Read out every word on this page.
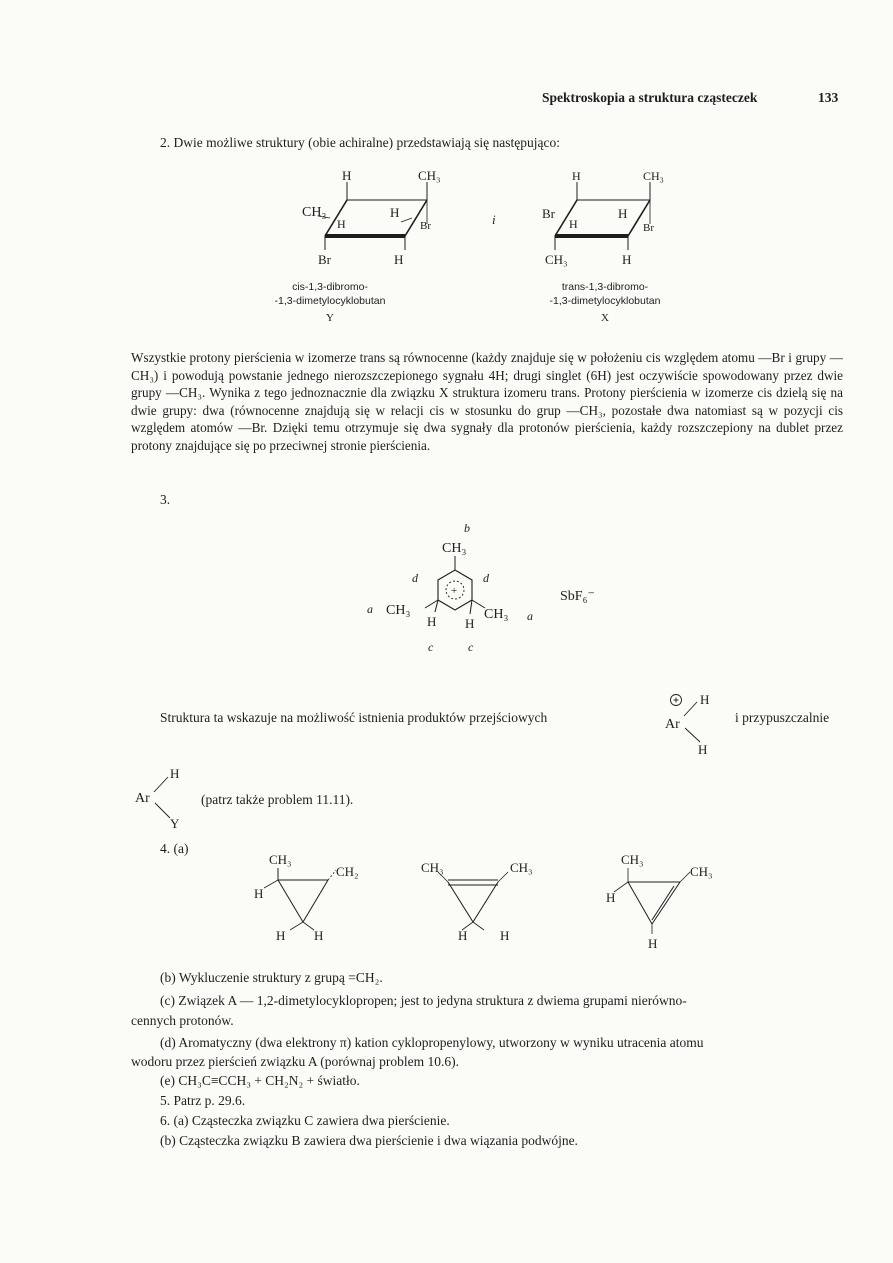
Spektroskopia a struktura cząsteczek	133
2. Dwie możliwe struktury (obie achiralne) przedstawiają się następująco:
H	CH₃
CH₃
H
H
Br
Br	H
i
H	CH₃
Br
H
H
Br
CH₃	H
cis-1,3-dibromo-
-1,3-dimetylocyklobutan
Y
trans-1,3-dibromo-
-1,3-dimetylocyklobutan
X
Wszystkie protony pierścienia w izomerze trans są równocenne (każdy znajduje się w położeniu cis względem atomu —Br i grupy —CH₃) i powodują powstanie jednego nierozszczepionego sygnału 4H; drugi singlet (6H) jest oczywiście spowodowany przez dwie grupy —CH₃. Wynika z tego jednoznacznie dla związku X struktura izomeru trans. Protony pierścienia w izomerze cis dzielą się na dwie grupy: dwa (równocenne znajdują się w relacji cis w stosunku do grup —CH₃, pozostałe dwa natomiast są w pozycji cis względem atomów —Br. Dzięki temu otrzymuje się dwa sygnały dla protonów pierścienia, każdy rozszczepiony na dublet przez protony znajdujące się po przeciwnej stronie pierścienia.
3.
b
CH₃
d	d
+
a CH₃	CH₃ a
H H
c	c
SbF₆⁻
Struktura ta wskazuje na możliwość istnienia produktów przejściowych
H
Ar
H
i przypuszczalnie
H
Ar
Y
(patrz także problem 11.11).
4. (a)
CH₃
CH₂
H
H H
CH₃	CH₃
H	H
CH₃
CH₃
H
H
(b) Wykluczenie struktury z grupą =CH₂.
(c) Związek A — 1,2-dimetylocyklopropen; jest to jedyna struktura z dwiema grupami nierówno-
cennych protonów.
(d) Aromatyczny (dwa elektrony π) kation cyklopropenylowy, utworzony w wyniku utracenia atomu
wodoru przez pierścień związku A (porównaj problem 10.6).
(e) CH₃C≡CCH₃ + CH₂N₂ + światło.
5. Patrz p. 29.6.
6. (a) Cząsteczka związku C zawiera dwa pierścienie.
(b) Cząsteczka związku B zawiera dwa pierścienie i dwa wiązania podwójne.
